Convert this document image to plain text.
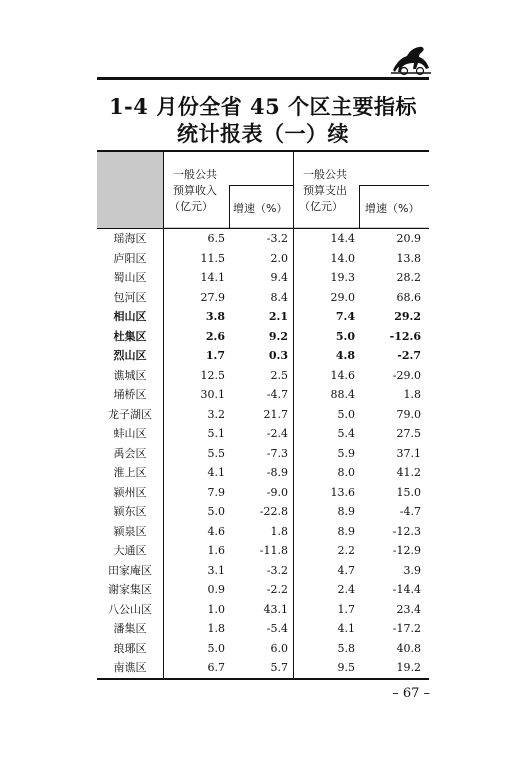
1-4 月份全省 45 个区主要指标
统计报表（一）续
一般公共
预算收入
（亿元） 增速（%）
一般公共
预算支出
（亿元） 增速（%）
瑶海区	6.5	-3.2	14.4	20.9
庐阳区	11.5	2.0	14.0	13.8
蜀山区	14.1	9.4	19.3	28.2
包河区	27.9	8.4	29.0	68.6
相山区	3.8	2.1	7.4	29.2
杜集区	2.6	9.2	5.0	-12.6
烈山区	1.7	0.3	4.8	-2.7
谯城区	12.5	2.5	14.6	-29.0
埇桥区	30.1	-4.7	88.4	1.8
龙子湖区	3.2	21.7	5.0	79.0
蚌山区	5.1	-2.4	5.4	27.5
禹会区	5.5	-7.3	5.9	37.1
淮上区	4.1	-8.9	8.0	41.2
颍州区	7.9	-9.0	13.6	15.0
颍东区	5.0	-22.8	8.9	-4.7
颍泉区	4.6	1.8	8.9	-12.3
大通区	1.6	-11.8	2.2	-12.9
田家庵区	3.1	-3.2	4.7	3.9
谢家集区	0.9	-2.2	2.4	-14.4
八公山区	1.0	43.1	1.7	23.4
潘集区	1.8	-5.4	4.1	-17.2
琅琊区	5.0	6.0	5.8	40.8
南谯区	6.7	5.7	9.5	19.2
– 67 –
